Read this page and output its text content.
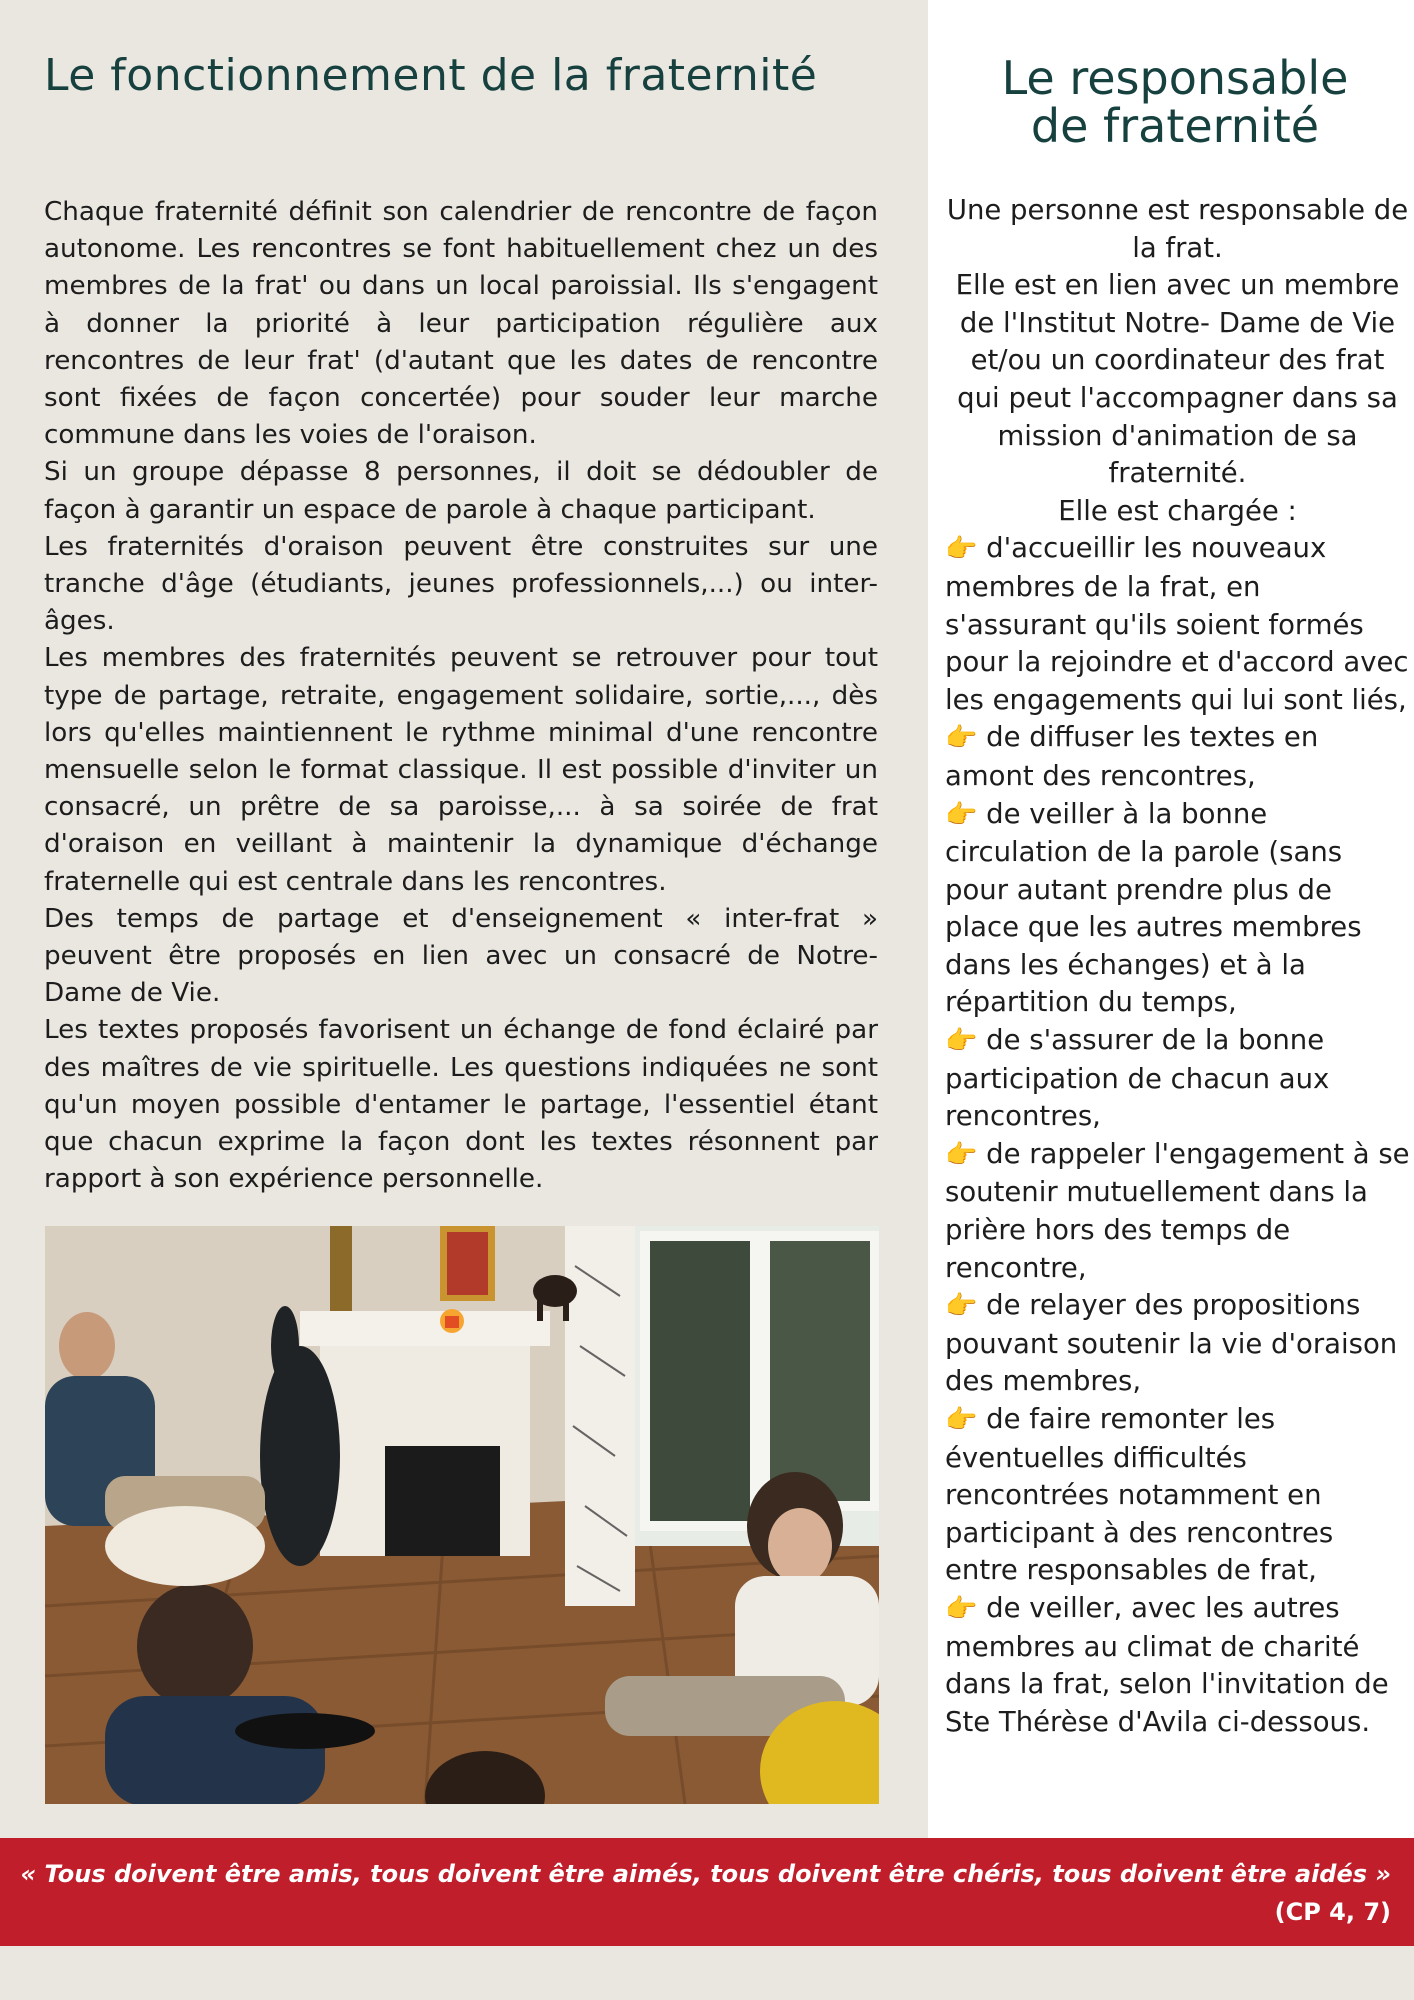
Le fonctionnement de la fraternité

Chaque fraternité définit son calendrier de rencontre de façon autonome. Les rencontres se font habituellement chez un des membres de la frat' ou dans un local paroissial. Ils s'engagent à donner la priorité à leur participation régulière aux rencontres de leur frat' (d'autant que les dates de rencontre sont fixées de façon concertée) pour souder leur marche commune dans les voies de l'oraison.

Si un groupe dépasse 8 personnes, il doit se dédoubler de façon à garantir un espace de parole à chaque participant.

Les fraternités d'oraison peuvent être construites sur une tranche d'âge (étudiants, jeunes professionnels,...) ou inter-âges.

Les membres des fraternités peuvent se retrouver pour tout type de partage, retraite, engagement solidaire, sortie,..., dès lors qu'elles maintiennent le rythme minimal d'une rencontre mensuelle selon le format classique. Il est possible d'inviter un consacré, un prêtre de sa paroisse,... à sa soirée de frat d'oraison en veillant à maintenir la dynamique d'échange fraternelle qui est centrale dans les rencontres.

Des temps de partage et d'enseignement « inter-frat » peuvent être proposés en lien avec un consacré de Notre-Dame de Vie.

Les textes proposés favorisent un échange de fond éclairé par des maîtres de vie spirituelle. Les questions indiquées ne sont qu'un moyen possible d'entamer le partage, l'essentiel étant que chacun exprime la façon dont les textes résonnent par rapport à son expérience personnelle.

Le responsable
de fraternité
Une personne est responsable de la frat.
Elle est en lien avec un membre de l'Institut Notre- Dame de Vie et/ou un coordinateur des frat qui peut l'accompagner dans sa mission d'animation de sa fraternité.
Elle est chargée :
👉 d'accueillir les nouveaux membres de la frat, en s'assurant qu'ils soient formés pour la rejoindre et d'accord avec les engagements qui lui sont liés,
👉 de diffuser les textes en amont des rencontres,
👉 de veiller à la bonne circulation de la parole (sans pour autant prendre plus de place que les autres membres dans les échanges) et à la répartition du temps,
👉 de s'assurer de la bonne participation de chacun aux rencontres,
👉 de rappeler l'engagement à se soutenir mutuellement dans la prière hors des temps de rencontre,
👉 de relayer des propositions pouvant soutenir la vie d'oraison des membres,
👉 de faire remonter les éventuelles difficultés rencontrées notamment en participant à des rencontres entre responsables de frat,
👉 de veiller, avec les autres membres au climat de charité dans la frat, selon l'invitation de Ste Thérèse d'Avila ci-dessous.
« Tous doivent être amis, tous doivent être aimés, tous doivent être chéris, tous doivent être aidés »
(CP 4, 7)
